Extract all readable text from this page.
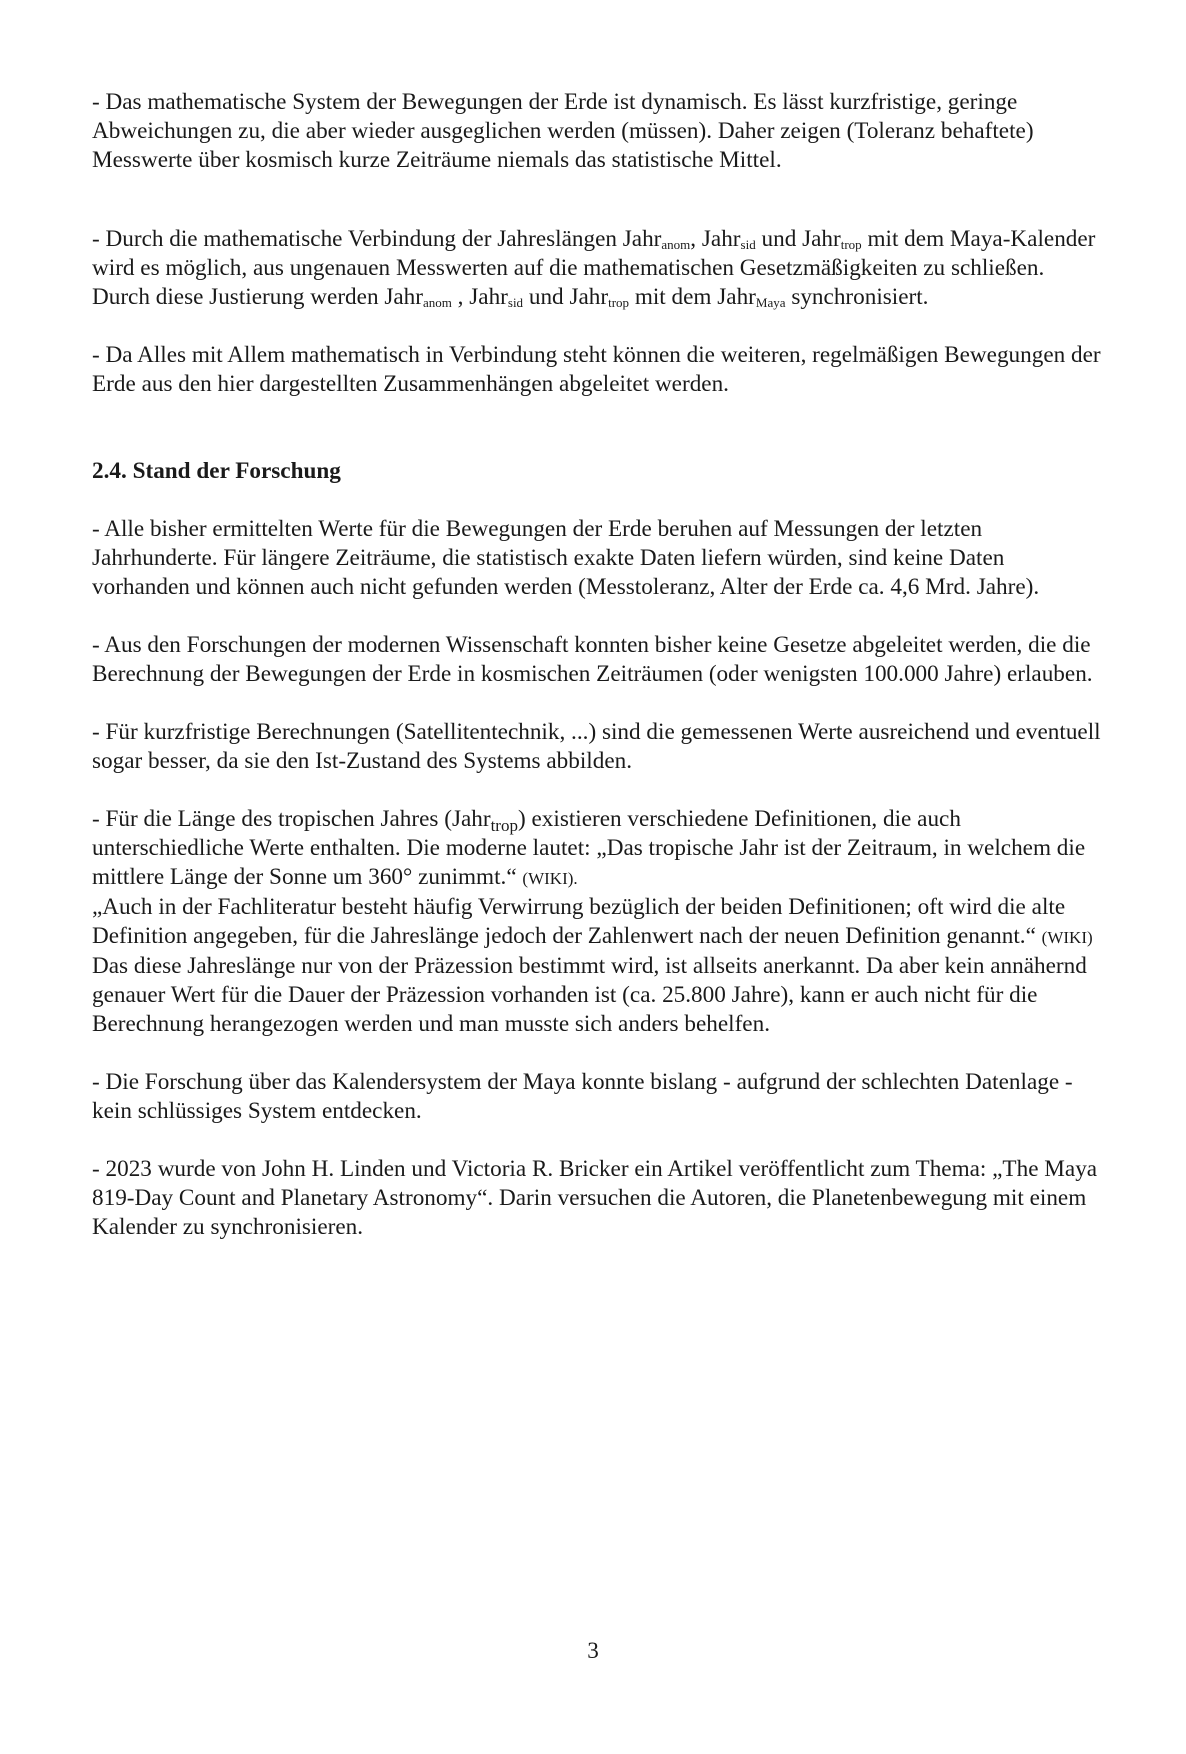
- Das mathematische System der Bewegungen der Erde ist dynamisch. Es lässt kurzfristige, geringe Abweichungen zu, die aber wieder ausgeglichen werden (müssen). Daher zeigen (Toleranz behaftete) Messwerte über kosmisch kurze Zeiträume niemals das statistische Mittel.

- Durch die mathematische Verbindung der Jahreslängen Jahr$_{anom}$, Jahr$_{sid}$ und Jahr$_{trop}$ mit dem Maya-Kalender wird es möglich, aus ungenauen Messwerten auf die mathematischen Gesetzmäßigkeiten zu schließen. Durch diese Justierung werden Jahr$_{anom}$ , Jahr$_{sid}$ und Jahr$_{trop}$ mit dem Jahr$_{Maya}$ synchronisiert.

- Da Alles mit Allem mathematisch in Verbindung steht können die weiteren, regelmäßigen Bewegungen der Erde aus den hier dargestellten Zusammenhängen abgeleitet werden.

2.4. Stand der Forschung

- Alle bisher ermittelten Werte für die Bewegungen der Erde beruhen auf Messungen der letzten Jahrhunderte. Für längere Zeiträume, die statistisch exakte Daten liefern würden, sind keine Daten vorhanden und können auch nicht gefunden werden (Messtoleranz, Alter der Erde ca. 4,6 Mrd. Jahre).

- Aus den Forschungen der modernen Wissenschaft konnten bisher keine Gesetze abgeleitet werden, die die Berechnung der Bewegungen der Erde in kosmischen Zeiträumen (oder wenigsten 100.000 Jahre) erlauben.

- Für kurzfristige Berechnungen (Satellitentechnik, ...) sind die gemessenen Werte ausreichend und eventuell sogar besser, da sie den Ist-Zustand des Systems abbilden.

- Für die Länge des tropischen Jahres (Jahr$_{trop}$) existieren verschiedene Definitionen, die auch unterschiedliche Werte enthalten. Die moderne lautet: „Das tropische Jahr ist der Zeitraum, in welchem die mittlere Länge der Sonne um 360° zunimmt.“ (WIKI).
„Auch in der Fachliteratur besteht häufig Verwirrung bezüglich der beiden Definitionen; oft wird die alte Definition angegeben, für die Jahreslänge jedoch der Zahlenwert nach der neuen Definition genannt.“ (WIKI)
Das diese Jahreslänge nur von der Präzession bestimmt wird, ist allseits anerkannt. Da aber kein annähernd genauer Wert für die Dauer der Präzession vorhanden ist (ca. 25.800 Jahre), kann er auch nicht für die Berechnung herangezogen werden und man musste sich anders behelfen.

- Die Forschung über das Kalendersystem der Maya konnte bislang - aufgrund der schlechten Datenlage - kein schlüssiges System entdecken.

- 2023 wurde von John H. Linden und Victoria R. Bricker ein Artikel veröffentlicht zum Thema: „The Maya 819-Day Count and Planetary Astronomy“. Darin versuchen die Autoren, die Planetenbewegung mit einem Kalender zu synchronisieren.

3
